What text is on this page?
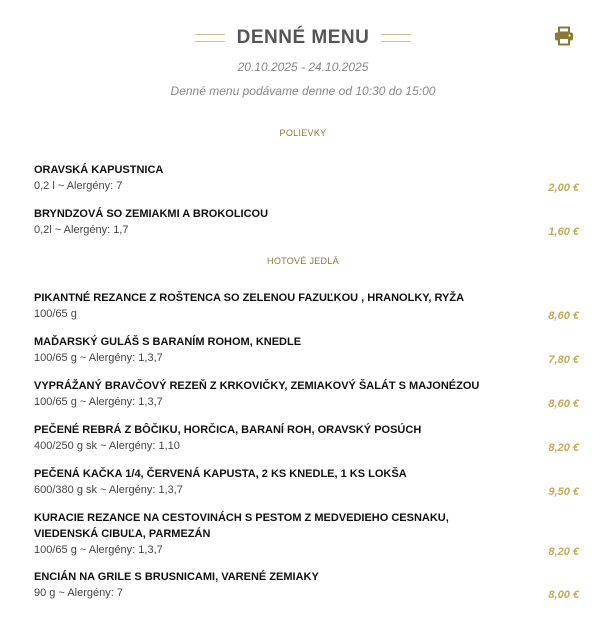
DENNÉ MENU
20.10.2025 - 24.10.2025
Denné menu podávame denne od 10:30 do 15:00
POLIEVKY
ORAVSKÁ KAPUSTNICA
0,2 l ~ Alergény: 7	2,00 €
BRYNDZOVÁ SO ZEMIAKMI A BROKOLICOU
0,2l ~ Alergény: 1,7	1,60 €
HOTOVÉ JEDLÁ
PIKANTNÉ REZANCE Z ROŠTENCA SO ZELENOU FAZUĽKOU , HRANOLKY, RYŽA
100/65 g	8,60 €
MAĎARSKÝ GULÁŠ S BARANÍM ROHOM, KNEDLE
100/65 g ~ Alergény: 1,3,7	7,80 €
VYPRÁŽANÝ BRAVČOVÝ REZEŇ Z KRKOVIČKY, ZEMIAKOVÝ ŠALÁT S MAJONÉZOU
100/65 g ~ Alergény: 1,3,7	8,60 €
PEČENÉ REBRÁ Z BÔČIKU, HORČICA, BARANÍ ROH, ORAVSKÝ POSÚCH
400/250 g sk ~ Alergény: 1,10	8,20 €
PEČENÁ KAČKA 1/4, ČERVENÁ KAPUSTA, 2 KS KNEDLE, 1 KS LOKŠA
600/380 g sk ~ Alergény: 1,3,7	9,50 €
KURACIE REZANCE NA CESTOVINÁCH S PESTOM Z MEDVEDIEHO CESNAKU, VIEDENSKÁ CIBUĽA, PARMEZÁN
100/65 g ~ Alergény: 1,3,7	8,20 €
ENCIÁN NA GRILE S BRUSNICAMI, VARENÉ ZEMIAKY
90 g ~ Alergény: 7	8,00 €
